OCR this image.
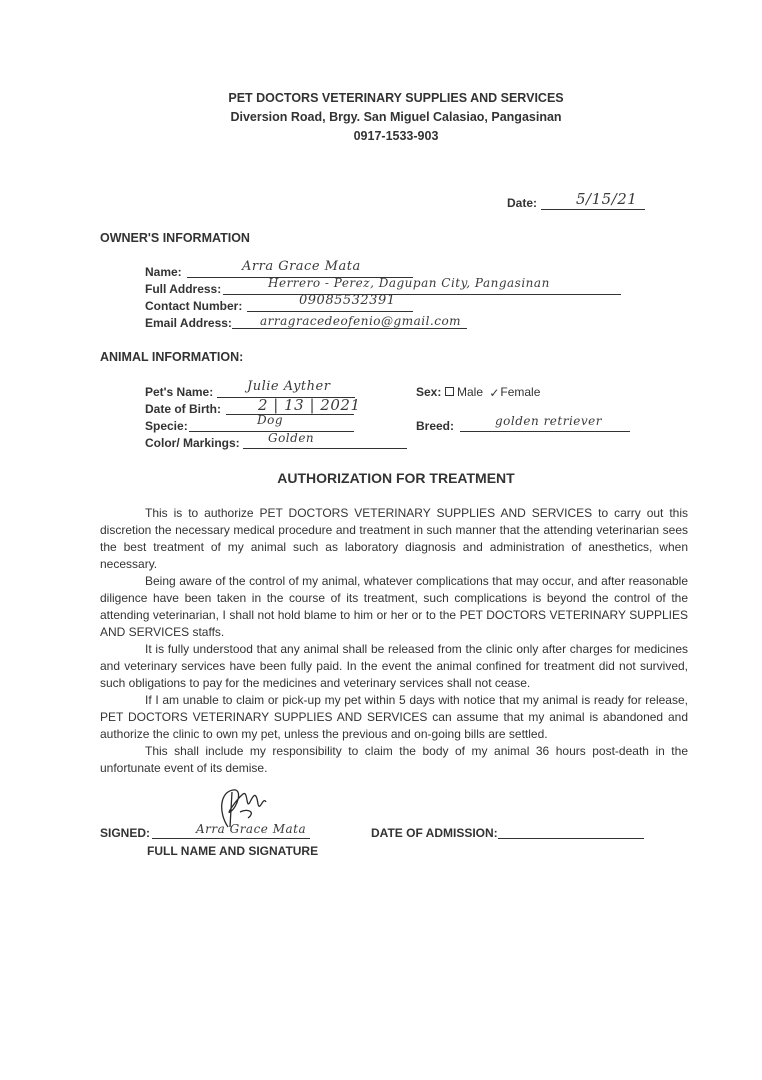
PET DOCTORS VETERINARY SUPPLIES AND SERVICES
Diversion Road, Brgy. San Miguel Calasiao, Pangasinan
0917-1533-903
Date:	5/15/21
OWNER'S INFORMATION
Name:	Arra Grace Mata
Full Address:	Herrero - Perez, Dagupan City, Pangasinan
Contact Number:	09085532391
Email Address: arragracedeofenio@gmail.com
ANIMAL INFORMATION:
Pet's Name:	Julie Ayther
Date of Birth: 2 | 13 | 2021
Specie:	Dog
Color/ Markings: Golden
Sex:	Male ✓ Female
Breed:	golden retriever
AUTHORIZATION FOR TREATMENT

This is to authorize PET DOCTORS VETERINARY SUPPLIES AND SERVICES to carry out this discretion the necessary medical procedure and treatment in such manner that the attending veterinarian sees the best treatment of my animal such as laboratory diagnosis and administration of anesthetics, when necessary.

Being aware of the control of my animal, whatever complications that may occur, and after reasonable diligence have been taken in the course of its treatment, such complications is beyond the control of the attending veterinarian, I shall not hold blame to him or her or to the PET DOCTORS VETERINARY SUPPLIES AND SERVICES staffs.

It is fully understood that any animal shall be released from the clinic only after charges for medicines and veterinary services have been fully paid. In the event the animal confined for treatment did not survived, such obligations to pay for the medicines and veterinary services shall not cease.

If I am unable to claim or pick-up my pet within 5 days with notice that my animal is ready for release, PET DOCTORS VETERINARY SUPPLIES AND SERVICES can assume that my animal is abandoned and authorize the clinic to own my pet, unless the previous and on-going bills are settled.

This shall include my responsibility to claim the body of my animal 36 hours post-death in the unfortunate event of its demise.

SIGNED:	Arra Grace Mata
FULL NAME AND SIGNATURE
DATE OF ADMISSION:
